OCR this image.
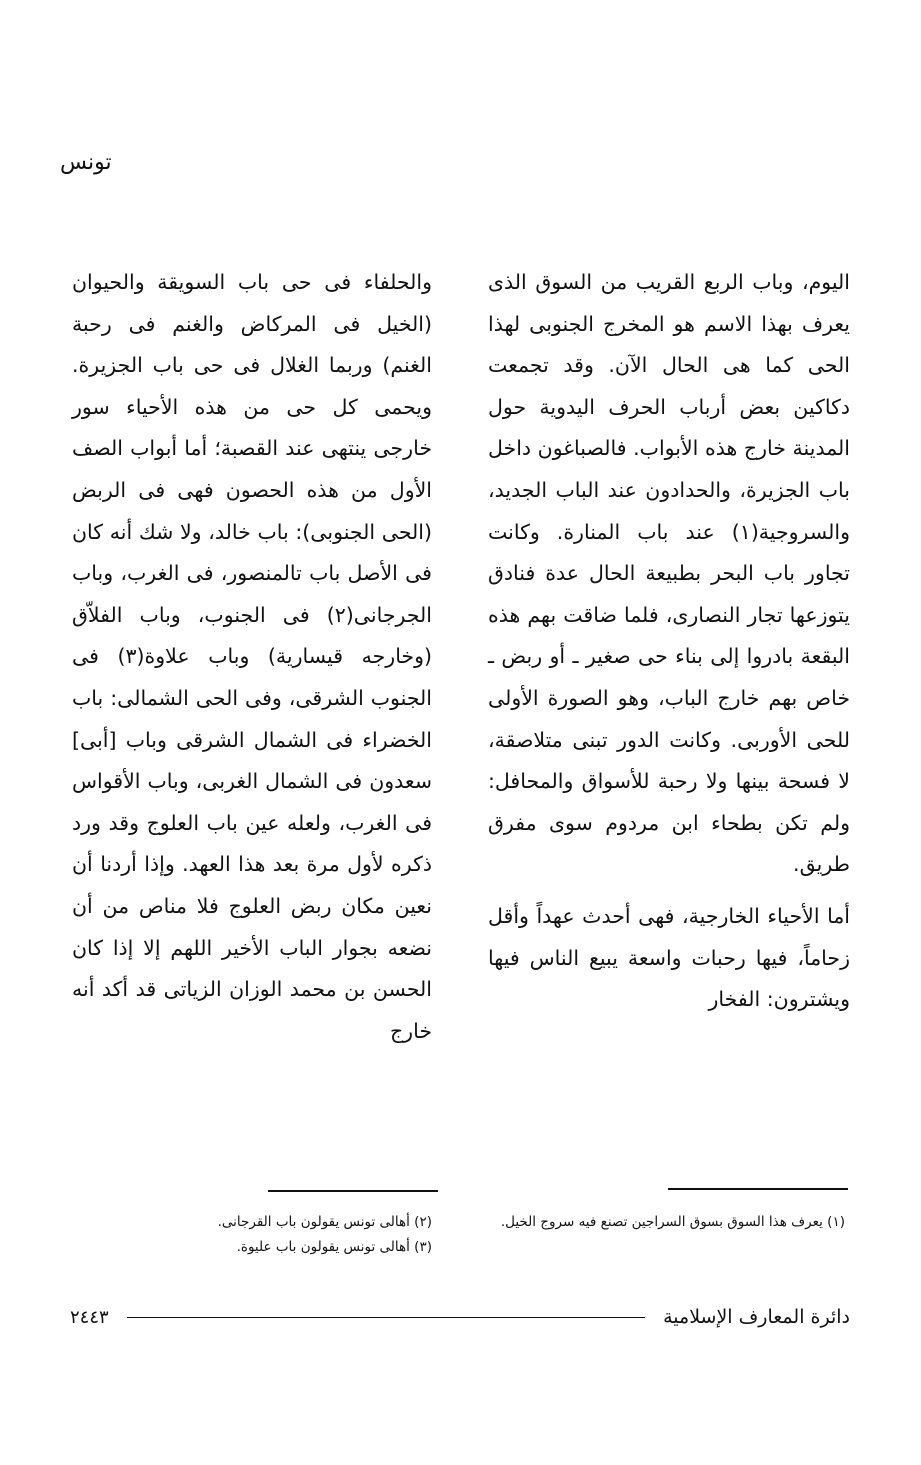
تونس

اليوم، وباب الربع القريب من السوق الذى يعرف بهذا الاسم هو المخرج الجنوبى لهذا الحى كما هى الحال الآن. وقد تجمعت دكاكين بعض أرباب الحرف اليدوية حول المدينة خارج هذه الأبواب. فالصباغون داخل باب الجزيرة، والحدادون عند الباب الجديد، والسروجية(١) عند باب المنارة. وكانت تجاور باب البحر بطبيعة الحال عدة فنادق يتوزعها تجار النصارى، فلما ضاقت بهم هذه البقعة بادروا إلى بناء حى صغير ـ أو ربض ـ خاص بهم خارج الباب، وهو الصورة الأولى للحى الأوربى. وكانت الدور تبنى متلاصقة، لا فسحة بينها ولا رحبة للأسواق والمحافل: ولم تكن بطحاء ابن مردوم سوى مفرق طريق.

أما الأحياء الخارجية، فهى أحدث عهداً وأقل زحاماً، فيها رحبات واسعة يبيع الناس فيها ويشترون: الفخار

والحلفاء فى حى باب السويقة والحيوان (الخيل فى المركاض والغنم فى رحبة الغنم) وربما الغلال فى حى باب الجزيرة. ويحمى كل حى من هذه الأحياء سور خارجى ينتهى عند القصبة؛ أما أبواب الصف الأول من هذه الحصون فهى فى الربض (الحى الجنوبى): باب خالد، ولا شك أنه كان فى الأصل باب تالمنصور، فى الغرب، وباب الجرجانى(٢) فى الجنوب، وباب الفلاّق (وخارجه قيسارية) وباب علاوة(٣) فى الجنوب الشرقى، وفى الحى الشمالى: باب الخضراء فى الشمال الشرقى وباب [أبى] سعدون فى الشمال الغربى، وباب الأقواس فى الغرب، ولعله عين باب العلوج وقد ورد ذكره لأول مرة بعد هذا العهد. وإذا أردنا أن نعين مكان ربض العلوج فلا مناص من أن نضعه بجوار الباب الأخير اللهم إلا إذا كان الحسن بن محمد الوزان الزياتى قد أكد أنه خارج

(١) يعرف هذا السوق بسوق السراجين تصنع فيه سروج الخيل.

(٢) أهالى تونس يقولون باب القرجانى.

(٣) أهالى تونس يقولون باب عليوة.

دائرة المعارف الإسلامية
٢٤٤٣
